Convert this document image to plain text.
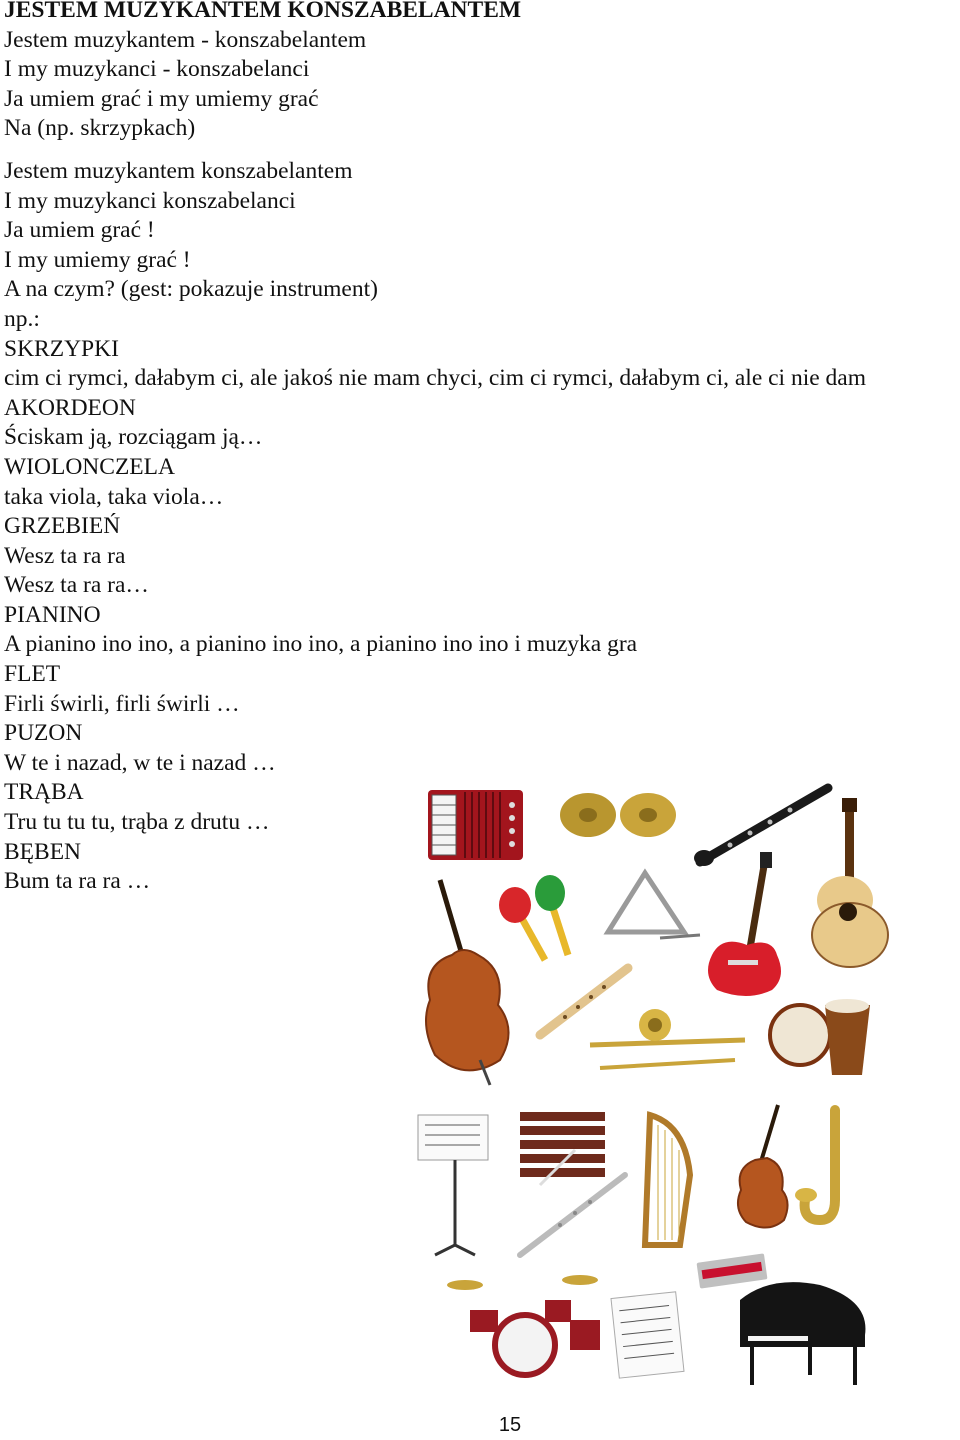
JESTEM MUZYKANTEM KONSZABELANTEM
Jestem muzykantem - konszabelantem
I my muzykanci - konszabelanci
Ja umiem grać i my umiemy grać
Na (np. skrzypkach)
Jestem muzykantem konszabelantem
I my muzykanci konszabelanci
Ja umiem grać !
I my umiemy grać !
A na czym? (gest: pokazuje instrument)
np.:
SKRZYPKI
cim ci rymci, dałabym ci, ale jakoś nie mam chyci, cim ci rymci, dałabym ci, ale ci nie dam
AKORDEON
Ściskam ją, rozciągam ją…
WIOLONCZELA
taka viola, taka viola…
GRZEBIEŃ
Wesz ta ra ra
Wesz ta ra ra…
PIANINO
A pianino ino ino, a pianino ino ino, a pianino ino ino i muzyka gra
FLET
Firli świrli, firli świrli …
PUZON
W te i nazad, w te i nazad …
TRĄBA
Tru tu tu tu, trąba z drutu …
BĘBEN
Bum ta ra ra …
15
